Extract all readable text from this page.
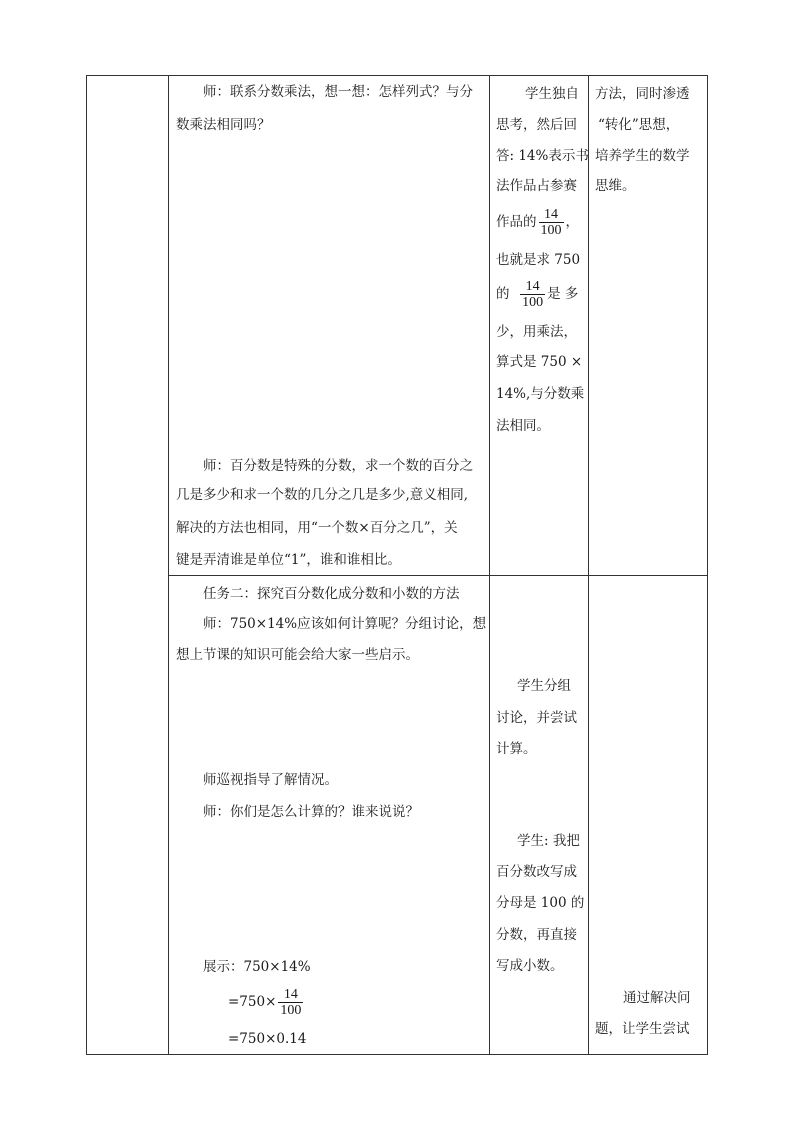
师：联系分数乘法，想一想：怎样列式？与分
数乘法相同吗？
师：百分数是特殊的分数，求一个数的百分之
几是多少和求一个数的几分之几是多少,意义相同,
解决的方法也相同，用“一个数×百分之几”，关
键是弄清谁是单位“1”，谁和谁相比。
学生独自
思考，然后回
答: 14%表示书
法作品占参赛
作品的 $\frac{14}{100}$ ，
也就是求 750
的 $\frac{14}{100}$ 是 多
少，用乘法，
算式是 750 ×
14%,与分数乘
法相同。
方法，同时渗透
“转化”思想，
培养学生的数学
思维。
任务二：探究百分数化成分数和小数的方法
师：750×14%应该如何计算呢？分组讨论，想
想上节课的知识可能会给大家一些启示。
师巡视指导了解情况。
师：你们是怎么计算的？谁来说说？
展示：750×14%
$=750\times \frac{14}{100}$
=750×0.14
学生分组
讨论，并尝试
计算。
学生: 我把
百分数改写成
分母是 100 的
分数，再直接
写成小数。
通过解决问
题，让学生尝试
